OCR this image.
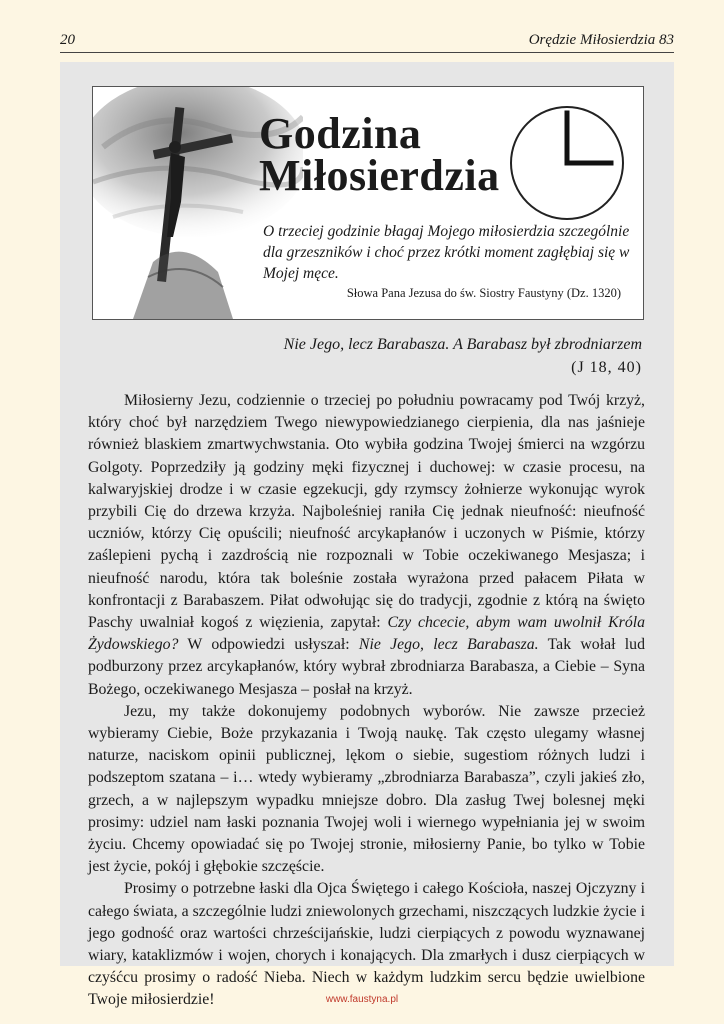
20	Orędzie Miłosierdzia 83
Godzina
Miłosierdzia
O trzeciej godzinie błagaj Mojego miłosierdzia szczególnie dla grzeszników i choć przez krótki moment zagłębiaj się w Mojej męce.
Słowa Pana Jezusa do św. Siostry Faustyny (Dz. 1320)
Nie Jego, lecz Barabasza. A Barabasz był zbrodniarzem
(J 18, 40)

Miłosierny Jezu, codziennie o trzeciej po południu powracamy pod Twój krzyż, który choć był narzędziem Twego niewypowiedzianego cierpienia, dla nas jaśnieje również blaskiem zmartwychwstania. Oto wybiła godzina Twojej śmierci na wzgórzu Golgoty. Poprzedziły ją godziny męki fizycznej i duchowej: w czasie procesu, na kalwaryjskiej drodze i w czasie egzekucji, gdy rzymscy żołnierze wykonując wyrok przybili Cię do drzewa krzyża. Najboleśniej raniła Cię jednak nieufność: nieufność uczniów, którzy Cię opuścili; nieufność arcykapłanów i uczonych w Piśmie, którzy zaślepieni pychą i zazdrością nie rozpoznali w Tobie oczekiwanego Mesjasza; i nieufność narodu, która tak boleśnie została wyrażona przed pałacem Piłata w konfrontacji z Barabaszem. Piłat odwołując się do tradycji, zgodnie z którą na święto Paschy uwalniał kogoś z więzienia, zapytał: Czy chcecie, abym wam uwolnił Króla Żydowskiego? W odpowiedzi usłyszał: Nie Jego, lecz Barabasza. Tak wołał lud podburzony przez arcykapłanów, który wybrał zbrodniarza Barabasza, a Ciebie – Syna Bożego, oczekiwanego Mesjasza – posłał na krzyż.

Jezu, my także dokonujemy podobnych wyborów. Nie zawsze przecież wybieramy Ciebie, Boże przykazania i Twoją naukę. Tak często ulegamy własnej naturze, naciskom opinii publicznej, lękom o siebie, sugestiom różnych ludzi i podszeptom szatana – i… wtedy wybieramy „zbrodniarza Barabasza”, czyli jakieś zło, grzech, a w najlepszym wypadku mniejsze dobro. Dla zasług Twej bolesnej męki prosimy: udziel nam łaski poznania Twojej woli i wiernego wypełniania jej w swoim życiu. Chcemy opowiadać się po Twojej stronie, miłosierny Panie, bo tylko w Tobie jest życie, pokój i głębokie szczęście.

Prosimy o potrzebne łaski dla Ojca Świętego i całego Kościoła, naszej Ojczyzny i całego świata, a szczególnie ludzi zniewolonych grzechami, niszczących ludzkie życie i jego godność oraz wartości chrześcijańskie, ludzi cierpiących z powodu wyznawanej wiary, kataklizmów i wojen, chorych i konających. Dla zmarłych i dusz cierpiących w czyśćcu prosimy o radość Nieba. Niech w każdym ludzkim sercu będzie uwielbione Twoje miłosierdzie!	www.faustyna.pl
